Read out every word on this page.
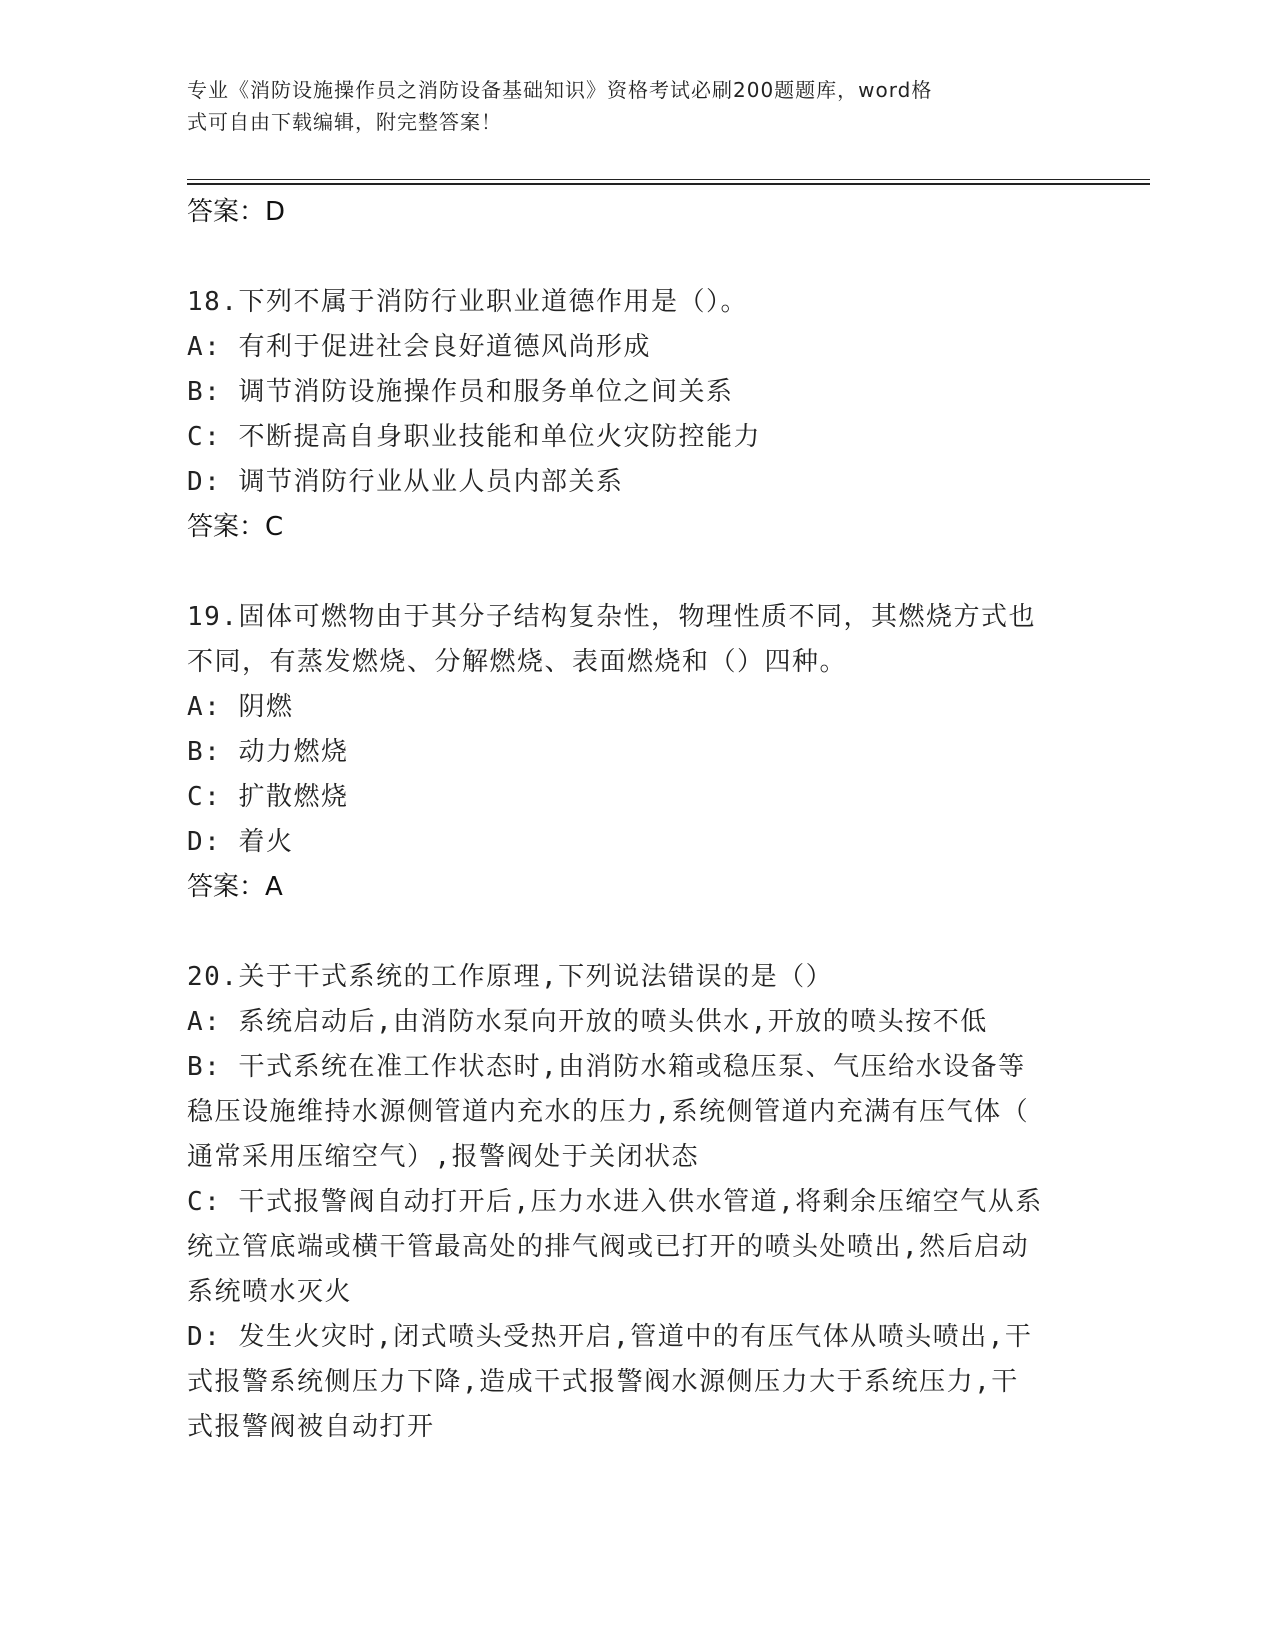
专业《消防设施操作员之消防设备基础知识》资格考试必刷200题题库，word格
式可自由下载编辑，附完整答案！
答案：D
18.下列不属于消防行业职业道德作用是（）。
A: 有利于促进社会良好道德风尚形成
B: 调节消防设施操作员和服务单位之间关系
C: 不断提高自身职业技能和单位火灾防控能力
D: 调节消防行业从业人员内部关系
答案：C
19.固体可燃物由于其分子结构复杂性，物理性质不同，其燃烧方式也
不同，有蒸发燃烧、分解燃烧、表面燃烧和（）四种。
A: 阴燃
B: 动力燃烧
C: 扩散燃烧
D: 着火
答案：A
20.关于干式系统的工作原理,下列说法错误的是（）
A: 系统启动后,由消防水泵向开放的喷头供水,开放的喷头按不低
B: 干式系统在准工作状态时,由消防水箱或稳压泵、气压给水设备等
稳压设施维持水源侧管道内充水的压力,系统侧管道内充满有压气体（
通常采用压缩空气）,报警阀处于关闭状态
C: 干式报警阀自动打开后,压力水进入供水管道,将剩余压缩空气从系
统立管底端或横干管最高处的排气阀或已打开的喷头处喷出,然后启动
系统喷水灭火
D: 发生火灾时,闭式喷头受热开启,管道中的有压气体从喷头喷出,干
式报警系统侧压力下降,造成干式报警阀水源侧压力大于系统压力,干
式报警阀被自动打开
